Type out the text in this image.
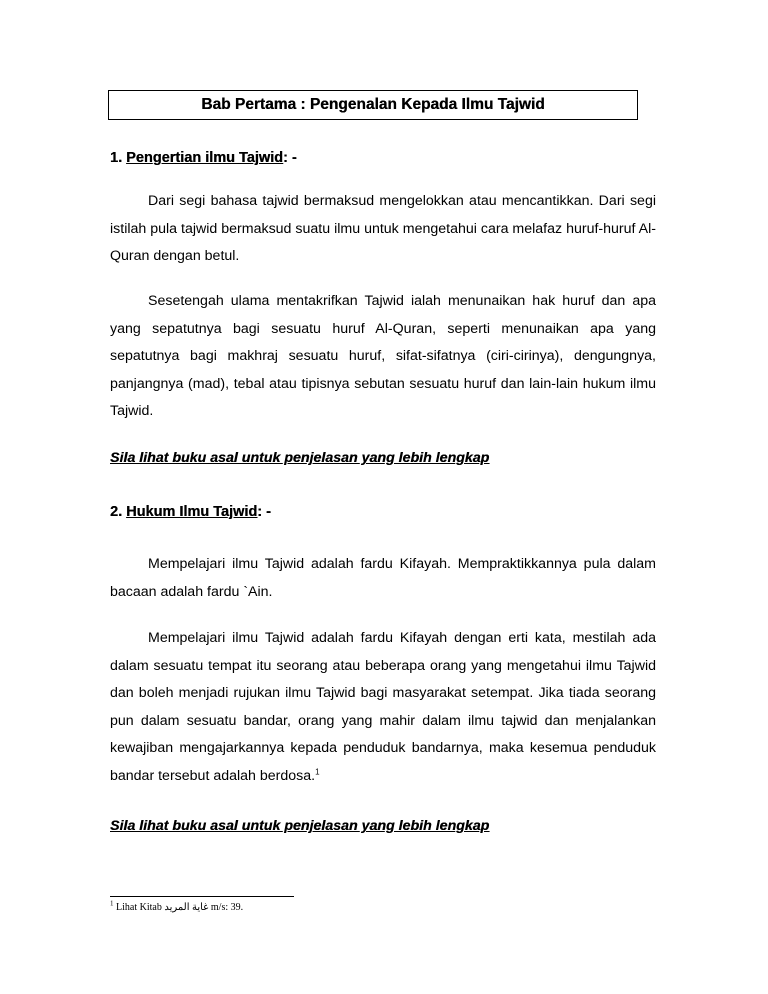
Bab Pertama : Pengenalan Kepada Ilmu Tajwid
1. Pengertian ilmu Tajwid: -

Dari segi bahasa tajwid bermaksud mengelokkan atau mencantikkan. Dari segi istilah pula tajwid bermaksud suatu ilmu untuk mengetahui cara melafaz huruf-huruf Al-Quran dengan betul.

Sesetengah ulama mentakrifkan Tajwid ialah menunaikan hak huruf dan apa yang sepatutnya bagi sesuatu huruf Al-Quran, seperti menunaikan apa yang sepatutnya bagi makhraj sesuatu huruf, sifat-sifatnya (ciri-cirinya), dengungnya, panjangnya (mad), tebal atau tipisnya sebutan sesuatu huruf dan lain-lain hukum ilmu Tajwid.

Sila lihat buku asal untuk penjelasan yang lebih lengkap
2. Hukum Ilmu Tajwid: -

Mempelajari ilmu Tajwid adalah fardu Kifayah. Mempraktikkannya pula dalam bacaan adalah fardu `Ain.

Mempelajari ilmu Tajwid adalah fardu Kifayah dengan erti kata, mestilah ada dalam sesuatu tempat itu seorang atau beberapa orang yang mengetahui ilmu Tajwid dan boleh menjadi rujukan ilmu Tajwid bagi masyarakat setempat. Jika tiada seorang pun dalam sesuatu bandar, orang yang mahir dalam ilmu tajwid dan menjalankan kewajiban mengajarkannya kepada penduduk bandarnya, maka kesemua penduduk bandar tersebut adalah berdosa.$^1$

Sila lihat buku asal untuk penjelasan yang lebih lengkap
$^1$ Lihat Kitab غاية المريد m/s: 39.
